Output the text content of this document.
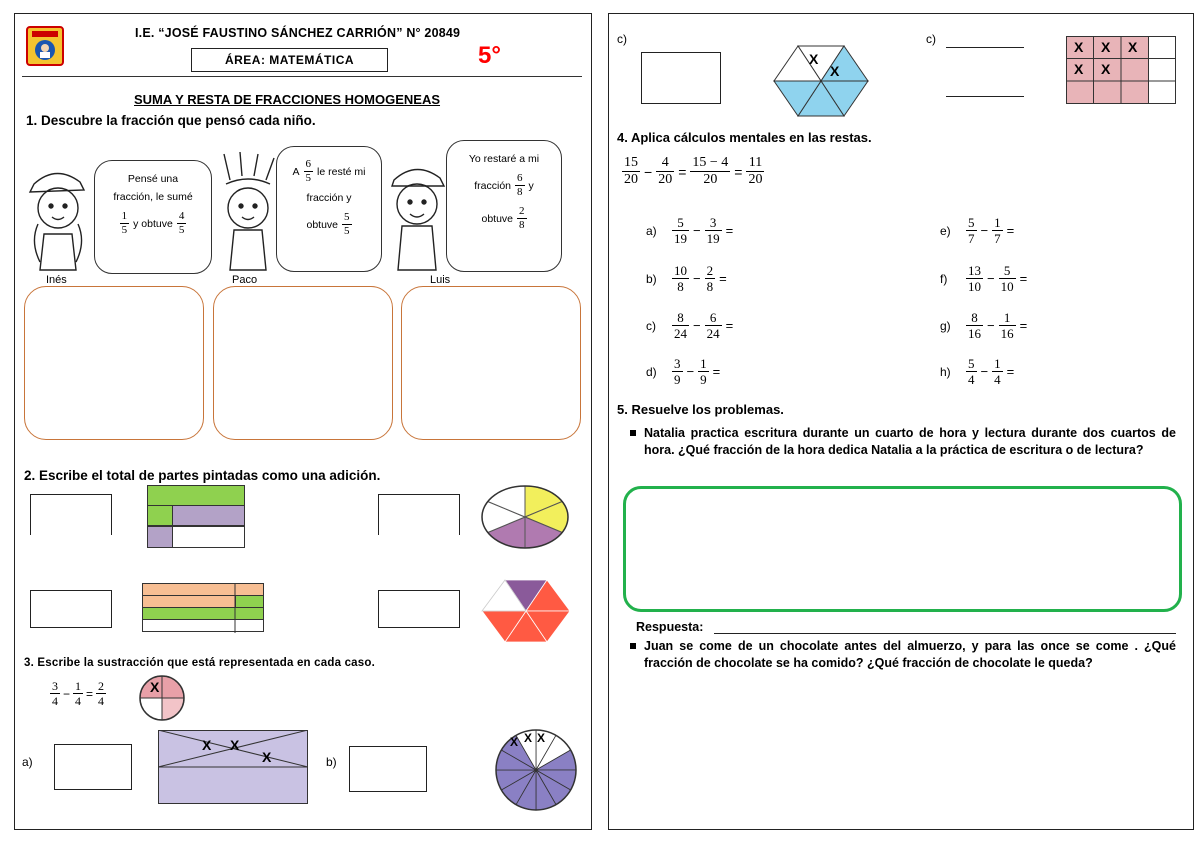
I.E. “JOSÉ FAUSTINO SÁNCHEZ CARRIÓN” N° 20849
ÁREA: MATEMÁTICA	5°
SUMA Y RESTA DE FRACCIONES HOMOGENEAS
1. Descubre la fracción que pensó cada niño.
Inés
Pensé una
fracción, le sumé
$\frac{1}{5}$ y obtuve $\frac{4}{5}$
Paco
A $\frac{6}{5}$ le resté mi
fracción y
obtuve $\frac{5}{5}$
Luis
Yo restaré a mi
fracción $\frac{6}{8}$ y
obtuve $\frac{2}{8}$
2. Escribe el total de partes pintadas como una adición.
3. Escribe la sustracción que está representada en cada caso.
$\frac{3}{4} - \frac{1}{4} = \frac{2}{4}$	X
a)
X X
X	b)
X X X
c)
X
X
c)	X X X
X X
4. Aplica cálculos mentales en las restas.
$\frac{15}{20} - \frac{4}{20} = \frac{15 - 4}{20} = \frac{11}{20}$
a)	$\frac{5}{19} - \frac{3}{19}$ =
b)	$\frac{10}{8} - \frac{2}{8}$ =
c)	$\frac{8}{24} - \frac{6}{24}$ =
d)	$\frac{3}{9} - \frac{1}{9}$ =
e)	$\frac{5}{7} - \frac{1}{7}$ =
f)	$\frac{13}{10} - \frac{5}{10}$ =
g)	$\frac{8}{16} - \frac{1}{16}$ =
h)	$\frac{5}{4} - \frac{1}{4}$ =
5. Resuelve los problemas.
Natalia practica escritura durante un cuarto de hora y lectura durante dos cuartos de hora. ¿Qué fracción de la hora dedica Natalia a la práctica de escritura o de lectura?
Respuesta:
Juan se come de un chocolate antes del almuerzo, y para las once se come . ¿Qué fracción de chocolate se ha comido? ¿Qué fracción de chocolate le queda?
